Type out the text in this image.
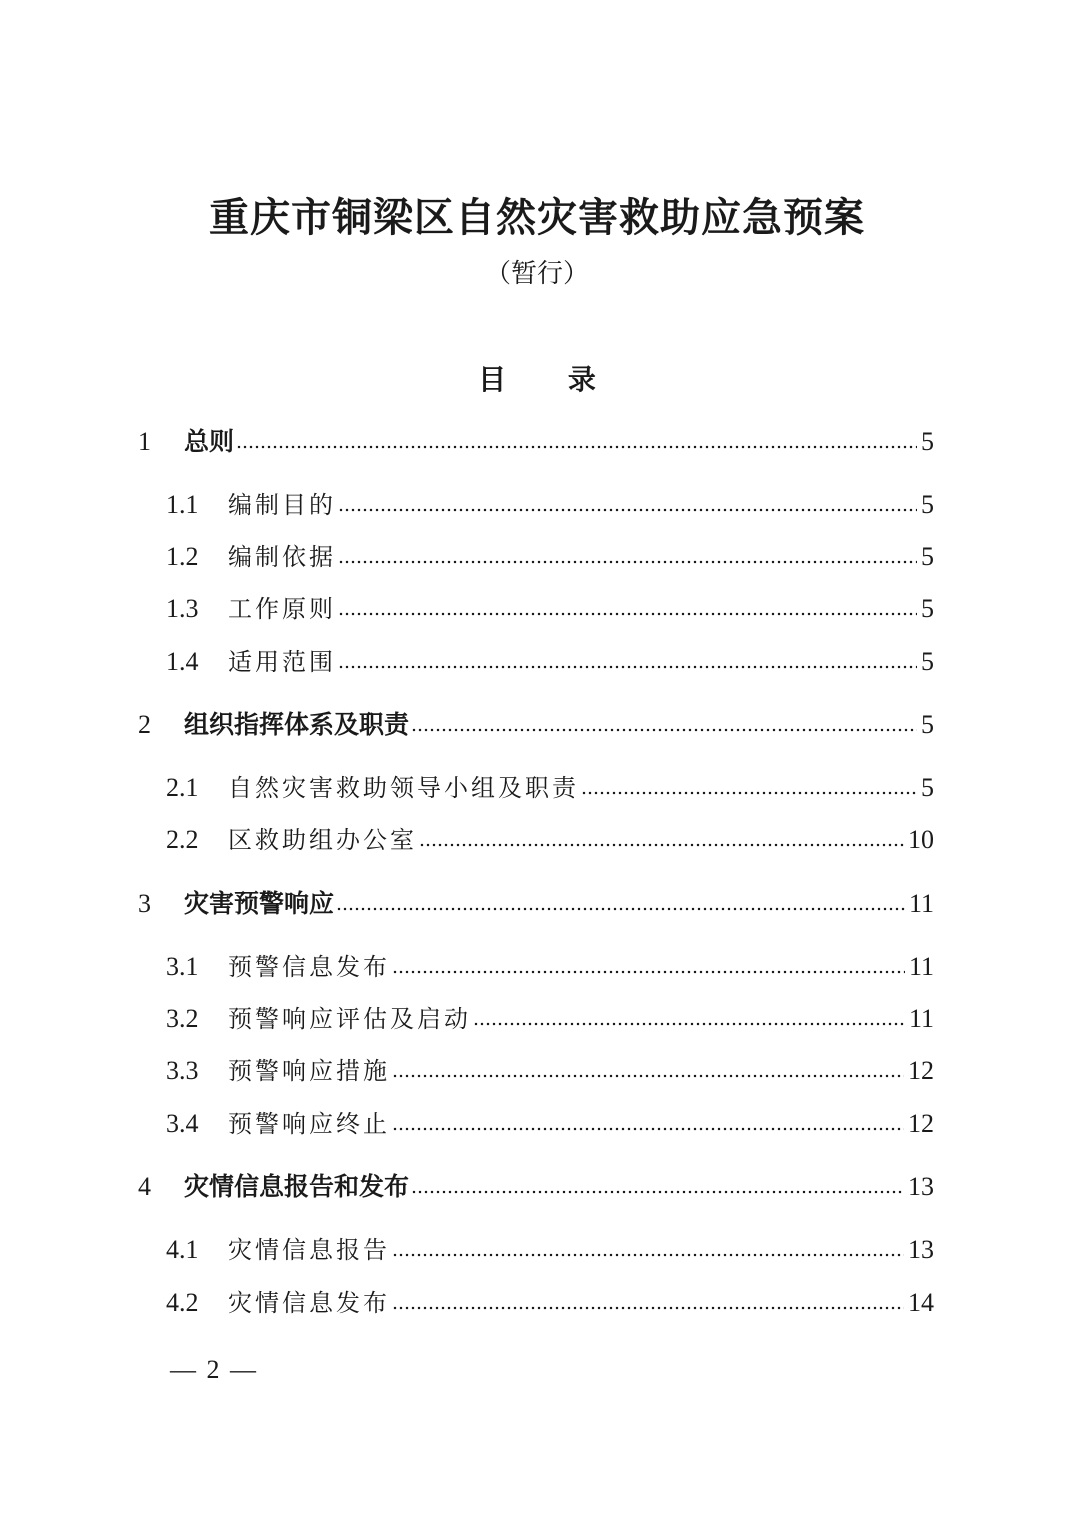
重庆市铜梁区自然灾害救助应急预案
（暂行）
目 录
1	总则	5
1.1	编制目的	5
1.2	编制依据	5
1.3	工作原则	5
1.4	适用范围	5
2	组织指挥体系及职责	5
2.1	自然灾害救助领导小组及职责	5
2.2	区救助组办公室	10
3	灾害预警响应	11
3.1	预警信息发布	11
3.2	预警响应评估及启动	11
3.3	预警响应措施	12
3.4	预警响应终止	12
4	灾情信息报告和发布	13
4.1	灾情信息报告	13
4.2	灾情信息发布	14
— 2 —
